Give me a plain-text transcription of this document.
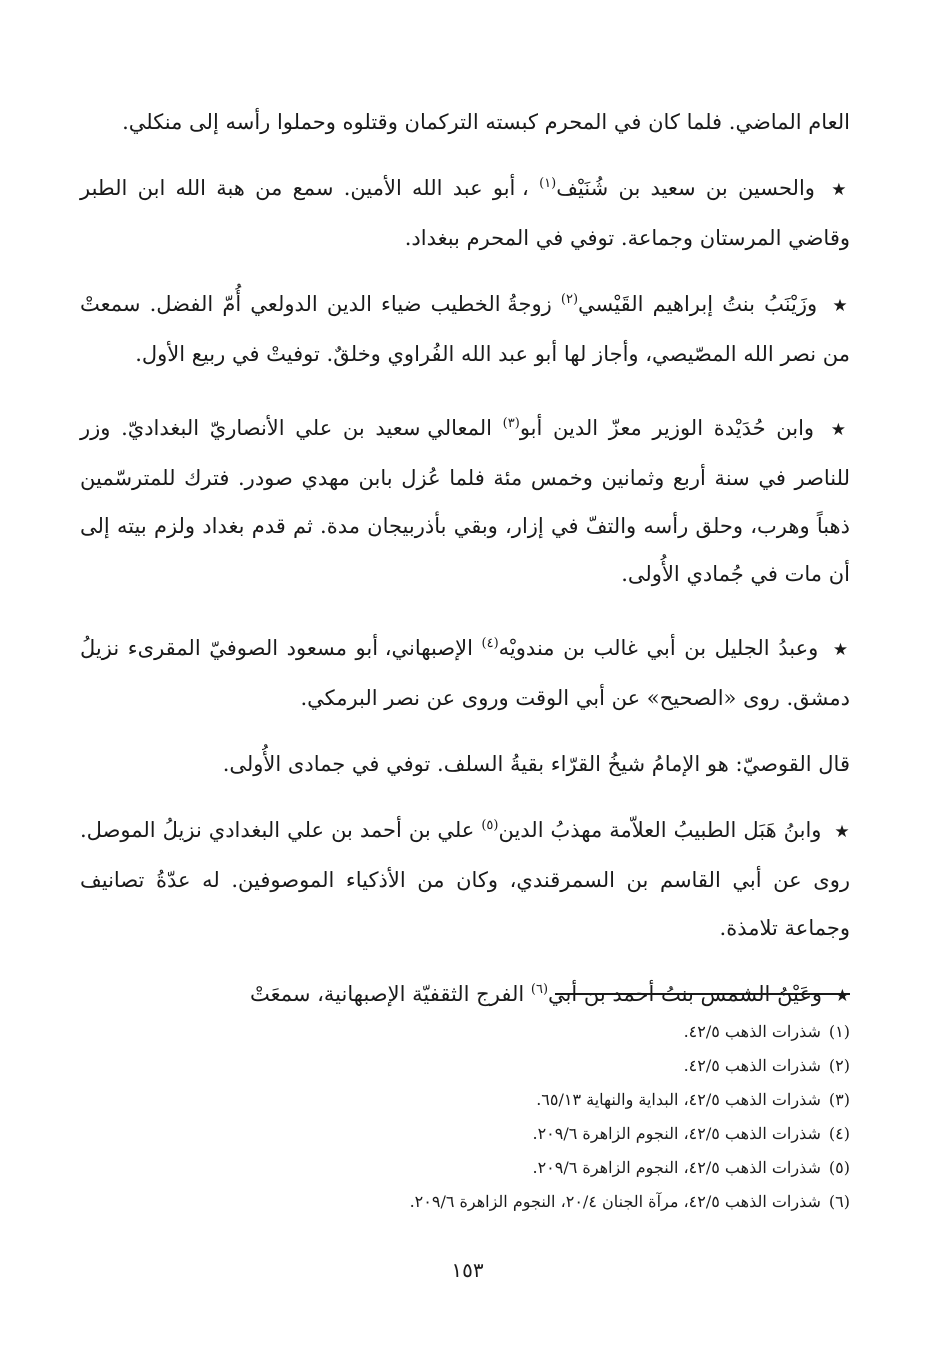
العام الماضي. فلما كان في المحرم كبسته التركمان وقتلوه وحملوا رأسه إلى منكلي.

★ والحسين بن سعيد بن شُنَيْف$^{(١)}$ ، أبو عبد الله الأمين. سمع من هبة الله ابن الطبر وقاضي المرستان وجماعة. توفي في المحرم ببغداد.

★ وزَيْنَبُ بنتُ إبراهيم القَيْسي$^{(٢)}$ زوجةُ الخطيب ضياء الدين الدولعي أُمّ الفضل. سمعتْ من نصر الله المصّيصي، وأجاز لها أبو عبد الله الفُراوي وخلقٌ. توفيتْ في ربيع الأول.

★ وابن حُدَيْدة الوزير معزّ الدين أبو$^{(٣)}$ المعالي سعيد بن علي الأنصاريّ البغداديّ. وزر للناصر في سنة أربع وثمانين وخمس مئة فلما عُزل بابن مهدي صودر. فترك للمترسّمين ذهباً وهرب، وحلق رأسه والتفّ في إزار، وبقي بأذربيجان مدة. ثم قدم بغداد ولزم بيته إلى أن مات في جُمادي الأُولى.

★ وعبدُ الجليل بن أبي غالب بن مندويْه$^{(٤)}$ الإصبهاني، أبو مسعود الصوفيّ المقرىء نزيلُ دمشق. روى «الصحيح» عن أبي الوقت وروى عن نصر البرمكي.

قال القوصيّ: هو الإمامُ شيخُ القرّاء بقيةُ السلف. توفي في جمادى الأُولى.

★ وابنُ هَبَل الطبيبُ العلاّمة مهذبُ الدين$^{(٥)}$ علي بن أحمد بن علي البغدادي نزيلُ الموصل. روى عن أبي القاسم بن السمرقندي، وكان من الأذكياء الموصوفين. له عدّةُ تصانيف وجماعة تلامذة.

★ وعَيْنُ الشمس بنتُ أحمد بن أبي$^{(٦)}$ الفرج الثقفيّة الإصبهانية، سمعَتْ

(١)شذرات الذهب ٤٢/٥.
(٢)شذرات الذهب ٤٢/٥.
(٣)شذرات الذهب ٤٢/٥، البداية والنهاية ٦٥/١٣.
(٤)شذرات الذهب ٤٢/٥، النجوم الزاهرة ٢٠٩/٦.
(٥)شذرات الذهب ٤٢/٥، النجوم الزاهرة ٢٠٩/٦.
(٦)شذرات الذهب ٤٢/٥، مرآة الجنان ٢٠/٤، النجوم الزاهرة ٢٠٩/٦.
١٥٣
